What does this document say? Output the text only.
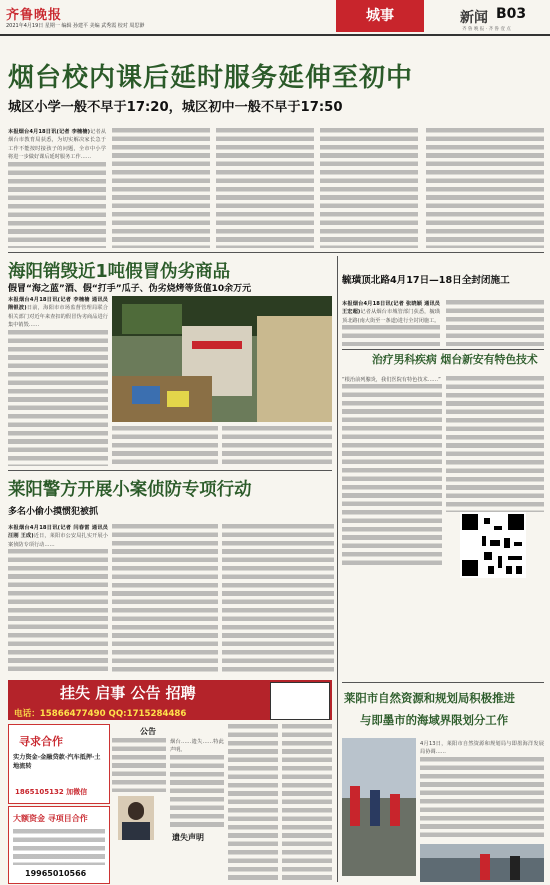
齐鲁晚报
2021年4月19日 星期一 编辑 孙建平 美编 武秀霞 校对 周思渺
城事	新闻 B03
齐 鲁 晚 报 · 齐 鲁 壹 点
烟台校内课后延时服务延伸至初中
城区小学一般不早于17:20，城区初中一般不早于17:50
本报烟台4月18日讯(记者 李楠楠)记者从烟台市教育局获悉，为切实解决家长急于工作不能按时接孩子的问题，全市中小学将进一步做好课后延时服务工作……
海阳销毁近1吨假冒伪劣商品
假冒“海之蓝”酒、假“打手”瓜子、伪劣烧烤等货值10余万元
本报烟台4月18日讯(记者 李楠楠 通讯员 隋银波)日前，海阳市市场监督管理局联合相关部门对近年来查扣的假冒伪劣商品进行集中销毁……
毓璜顶北路4月17日—18日全封闭施工
本报烟台4月18日讯(记者 张晓颖 通讯员 王宏超)记者从烟台市城管部门获悉，毓璜顶北路(南大街至一条道)进行全封闭施工。
治疗男科疾病 烟台新安有特色技术
“根治前列腺炎，我们医院有特色技术……”
莱阳警方开展小案侦防专项行动
多名小偷小摸惯犯被抓
本报烟台4月18日讯(记者 闫春雷 通讯员 汪刚 王成)近日，莱阳市公安局扎实开展小案侦防专项行动……
挂失 启事 公告 招聘
电话：15866477490 QQ:1715284486
寻求合作
实力资金·金融贷款·汽车抵押·土地流转
1865105132 加微信
大额资金 寻项目合作
19965010566
公告
遗失声明
烟台……遗失……特此声明。
莱阳市自然资源和规划局积极推进
与即墨市的海域界限划分工作
4月13日，莱阳市自然资源和规划局与即墨海洋发展局协调……
